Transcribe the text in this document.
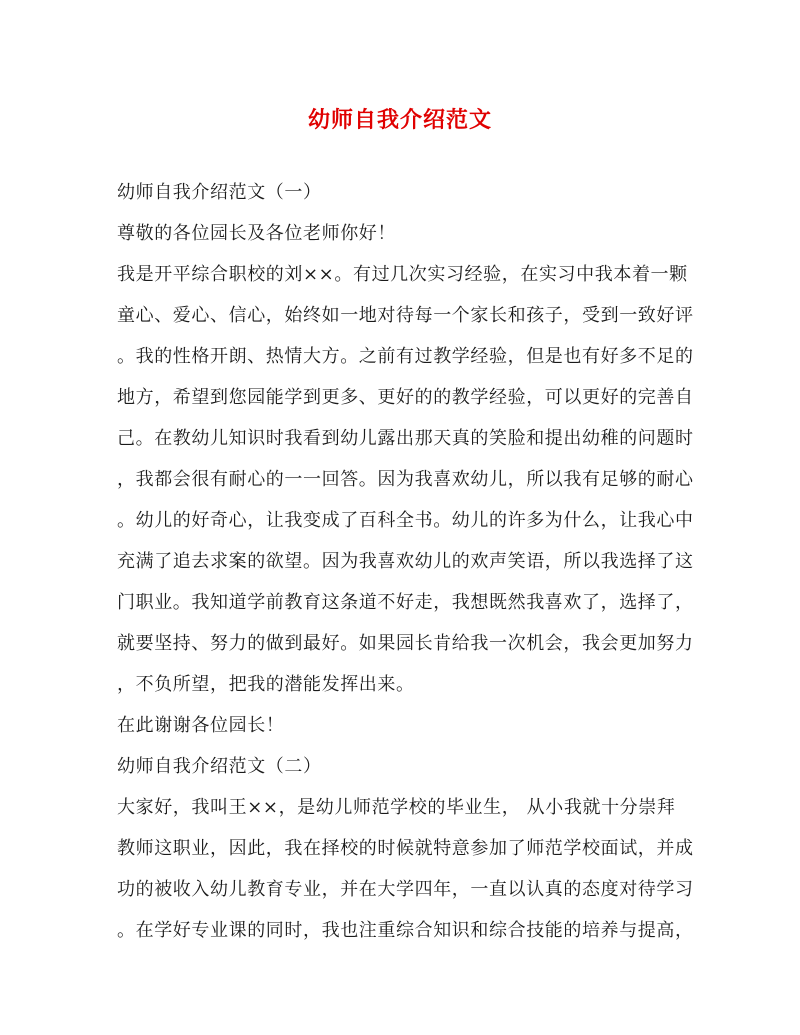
幼师自我介绍范文
幼师自我介绍范文（一）
尊敬的各位园长及各位老师你好！
我是开平综合职校的刘××。有过几次实习经验，在实习中我本着一颗
童心、爱心、信心，始终如一地对待每一个家长和孩子，受到一致好评
。我的性格开朗、热情大方。之前有过教学经验，但是也有好多不足的
地方，希望到您园能学到更多、更好的的教学经验，可以更好的完善自
己。在教幼儿知识时我看到幼儿露出那天真的笑脸和提出幼稚的问题时
，我都会很有耐心的一一回答。因为我喜欢幼儿，所以我有足够的耐心
。幼儿的好奇心，让我变成了百科全书。幼儿的许多为什么，让我心中
充满了追去求案的欲望。因为我喜欢幼儿的欢声笑语，所以我选择了这
门职业。我知道学前教育这条道不好走，我想既然我喜欢了，选择了，
就要坚持、努力的做到最好。如果园长肯给我一次机会，我会更加努力
，不负所望，把我的潜能发挥出来。
在此谢谢各位园长！
幼师自我介绍范文（二）
大家好，我叫王××，是幼儿师范学校的毕业生， 从小我就十分崇拜
教师这职业，因此，我在择校的时候就特意参加了师范学校面试，并成
功的被收入幼儿教育专业，并在大学四年，一直以认真的态度对待学习
。在学好专业课的同时，我也注重综合知识和综合技能的培养与提高，
